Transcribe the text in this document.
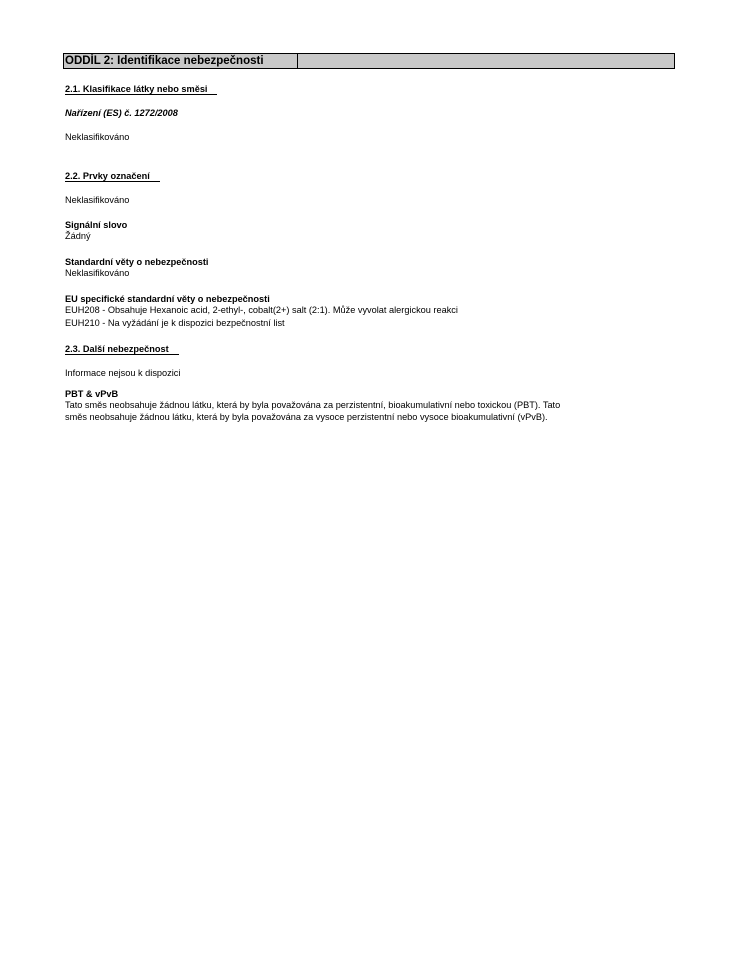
ODDÍL 2: Identifikace nebezpečnosti
2.1. Klasifikace látky nebo směsi
Nařízení (ES) č. 1272/2008
Neklasifikováno
2.2. Prvky označení
Neklasifikováno
Signální slovo
Žádný
Standardní věty o nebezpečnosti
Neklasifikováno
EU specifické standardní věty o nebezpečnosti
EUH208 - Obsahuje Hexanoic acid, 2-ethyl-, cobalt(2+) salt (2:1). Může vyvolat alergickou reakci
EUH210 - Na vyžádání je k dispozici bezpečnostní list
2.3. Další nebezpečnost
Informace nejsou k dispozici
PBT & vPvB
Tato směs neobsahuje žádnou látku, která by byla považována za perzistentní, bioakumulativní nebo toxickou (PBT). Tato
směs neobsahuje žádnou látku, která by byla považována za vysoce perzistentní nebo vysoce bioakumulativní (vPvB).
